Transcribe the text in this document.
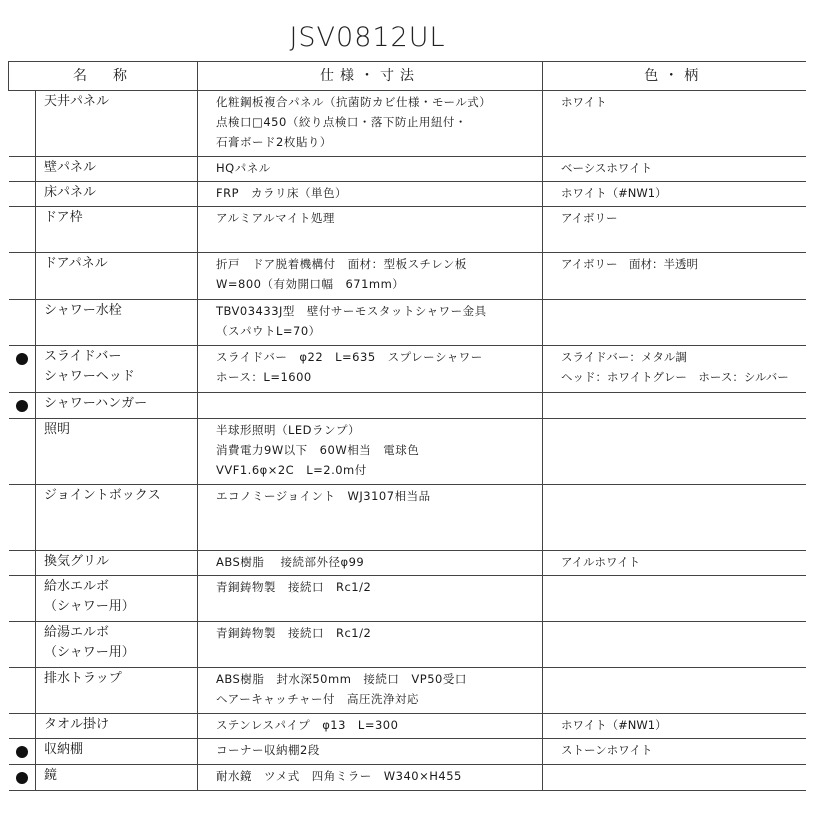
JSV0812UL
名　称		仕様・寸法	色・柄
	天井パネル	化粧鋼板複合パネル（抗菌防カビ仕様・モール式）
点検口□450（絞り点検口・落下防止用紐付・
石膏ボード2枚貼り）	ホワイト
	壁パネル	HQパネル	ベーシスホワイト
	床パネル	FRP　カラリ床（単色）	ホワイト（#NW1）
	ドア枠	アルミアルマイト処理	アイボリー
	ドアパネル	折戸　ドア脱着機構付　面材：型板スチレン板
W=800（有効開口幅　671mm）	アイボリー　面材：半透明
	シャワー水栓	TBV03433J型　壁付サーモスタットシャワー金具
（スパウトL=70）	
	スライドバー
シャワーヘッド	スライドバー　φ22　L=635　スプレーシャワー
ホース：L=1600	スライドバー：メタル調
ヘッド：ホワイトグレー　ホース：シルバー
	シャワーハンガー		
	照明	半球形照明（LEDランプ）
消費電力9W以下　60W相当　電球色
VVF1.6φ×2C　L=2.0m付	
	ジョイントボックス	エコノミージョイント　WJ3107相当品	
	換気グリル	ABS樹脂　 接続部外径φ99	アイルホワイト
	給水エルボ
（シャワー用）	青銅鋳物製　接続口　Rc1/2	
	給湯エルボ
（シャワー用）	青銅鋳物製　接続口　Rc1/2	
	排水トラップ	ABS樹脂　封水深50mm　接続口　VP50受口
ヘアーキャッチャー付　高圧洗浄対応	
	タオル掛け	ステンレスパイプ　φ13　L=300	ホワイト（#NW1）
	収納棚	コーナー収納棚2段	ストーンホワイト
	鏡	耐水鏡　ツメ式　四角ミラー　W340×H455	
